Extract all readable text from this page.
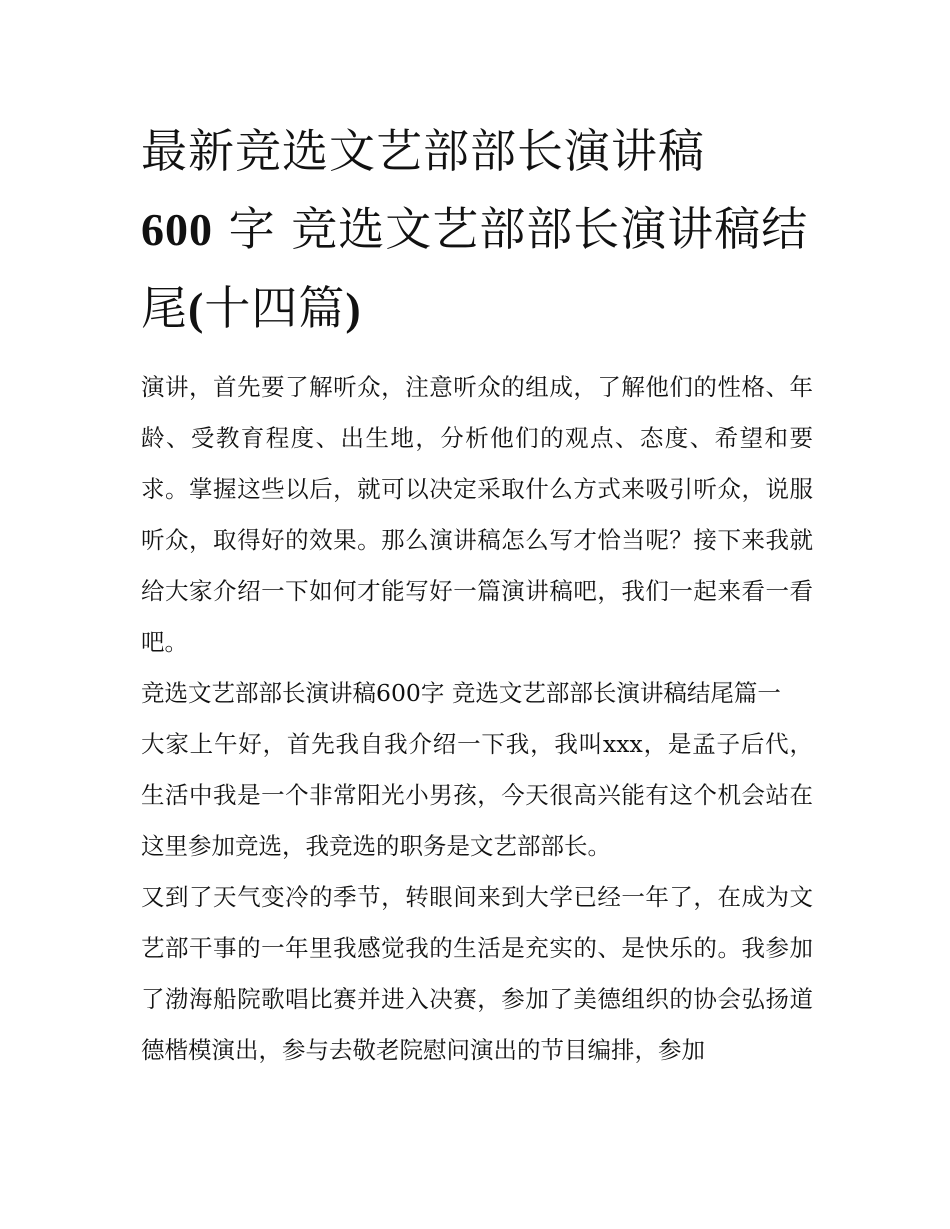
最新竞选文艺部部长演讲稿
600 字 竞选文艺部部长演讲稿结尾(十四篇)

演讲，首先要了解听众，注意听众的组成，了解他们的性格、年龄、受教育程度、出生地，分析他们的观点、态度、希望和要求。掌握这些以后，就可以决定采取什么方式来吸引听众，说服听众，取得好的效果。那么演讲稿怎么写才恰当呢？接下来我就给大家介绍一下如何才能写好一篇演讲稿吧，我们一起来看一看吧。

竞选文艺部部长演讲稿600字 竞选文艺部部长演讲稿结尾篇一

大家上午好，首先我自我介绍一下我，我叫xxx，是孟子后代，生活中我是一个非常阳光小男孩，今天很高兴能有这个机会站在这里参加竞选，我竞选的职务是文艺部部长。

又到了天气变冷的季节，转眼间来到大学已经一年了，在成为文艺部干事的一年里我感觉我的生活是充实的、是快乐的。我参加了渤海船院歌唱比赛并进入决赛，参加了美德组织的协会弘扬道德楷模演出，参与去敬老院慰问演出的节目编排，参加
